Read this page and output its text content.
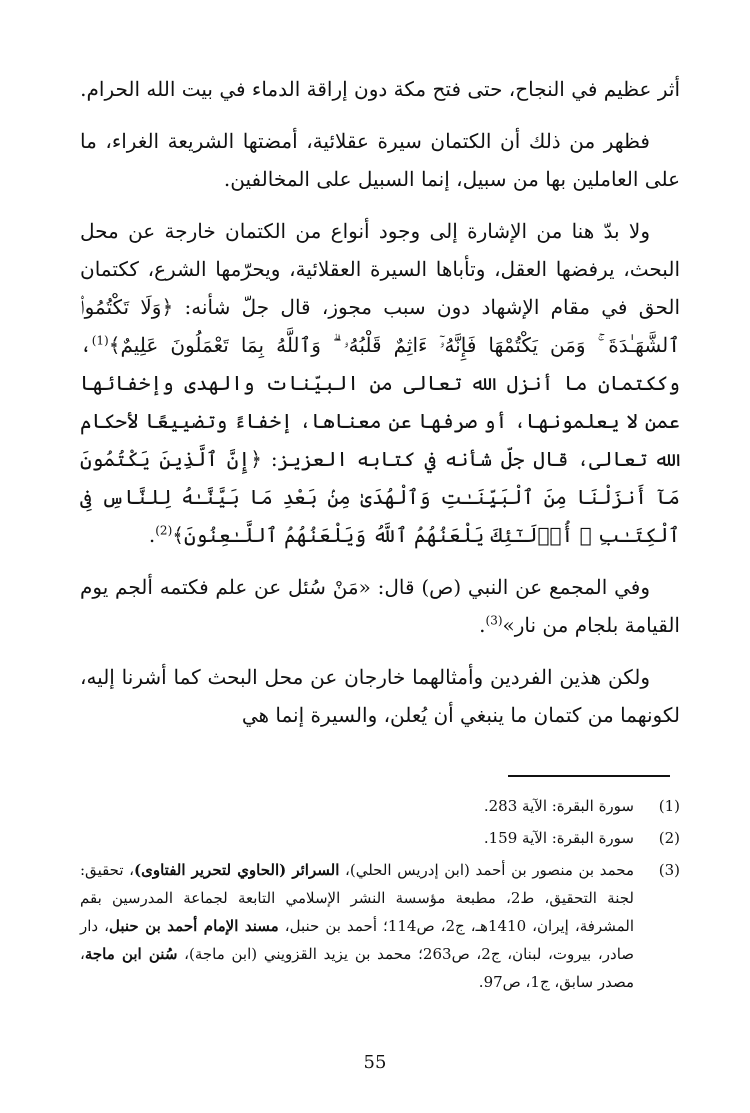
أثر عظيم في النجاح، حتى فتح مكة دون إراقة الدماء في بيت الله الحرام.

فظهر من ذلك أن الكتمان سيرة عقلائية، أمضتها الشريعة الغراء، ما على العاملين بها من سبيل، إنما السبيل على المخالفين.

ولا بدّ هنا من الإشارة إلى وجود أنواع من الكتمان خارجة عن محل البحث، يرفضها العقل، وتأباها السيرة العقلائية، ويحرّمها الشرع، ككتمان الحق في مقام الإشهاد دون سبب مجوز، قال جلّ شأنه: ﴿وَلَا تَكْتُمُوا۟ ٱلشَّهَـٰدَةَ ۚ وَمَن يَكْتُمْهَا فَإِنَّهُۥٓ ءَاثِمٌ قَلْبُهُۥ ۗ وَٱللَّهُ بِمَا تَعْمَلُونَ عَلِيمٌ﴾$^{(1)}$، وككتمان ما أنزل الله تعالى من البيّنات والهدى وإخفائها عمن لا يعلمونها، أو صرفها عن معناها، إخفاءً وتضييعًا لأحكام الله تعالى، قال جلّ شأنه في كتابه العزيز: ﴿إِنَّ ٱلَّذِينَ يَكْتُمُونَ مَآ أَنزَلْنَا مِنَ ٱلْبَيِّنَـٰتِ وَٱلْهُدَىٰ مِنۢ بَعْدِ مَا بَيَّنَّـٰهُ لِلنَّاسِ فِى ٱلْكِتَـٰبِ ۙ أُو۟لَـٰٓئِكَ يَلْعَنُهُمُ ٱللَّهُ وَيَلْعَنُهُمُ ٱللَّـٰعِنُونَ﴾$^{(2)}$.

وفي المجمع عن النبي (ص) قال: «مَنْ سُئل عن علم فكتمه ألجم يوم القيامة بلجام من نار»$^{(3)}$.

ولكن هذين الفردين وأمثالهما خارجان عن محل البحث كما أشرنا إليه، لكونهما من كتمان ما ينبغي أن يُعلن، والسيرة إنما هي

(1)
سورة البقرة: الآية 283.
(2)
سورة البقرة: الآية 159.
(3)
محمد بن منصور بن أحمد (ابن إدريس الحلي)، السرائر (الحاوي لتحرير الفتاوى)، تحقيق: لجنة التحقيق، ط2، مطبعة مؤسسة النشر الإسلامي التابعة لجماعة المدرسين بقم المشرفة، إيران، 1410هـ، ج2، ص114؛ أحمد بن حنبل، مسند الإمام أحمد بن حنبل، دار صادر، بيروت، لبنان، ج2، ص263؛ محمد بن يزيد القزويني (ابن ماجة)، سُنن ابن ماجة، مصدر سابق، ج1، ص97.
55
